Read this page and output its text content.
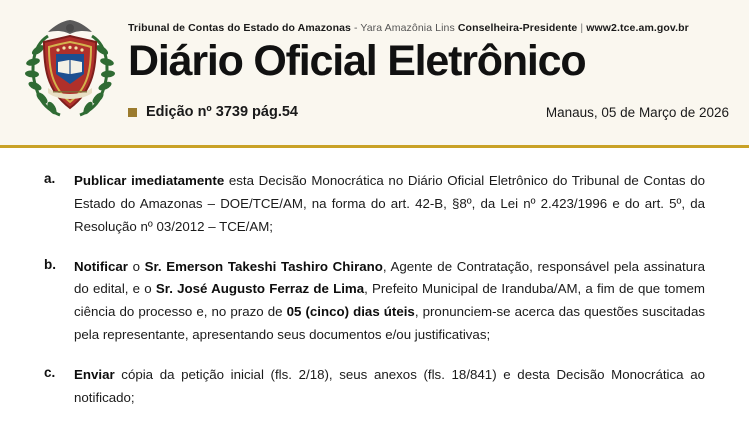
Tribunal de Contas do Estado do Amazonas - Yara Amazônia Lins Conselheira-Presidente | www2.tce.am.gov.br
Diário Oficial Eletrônico
Edição nº 3739 pág.54	Manaus, 05 de Março de 2026
a.	Publicar imediatamente esta Decisão Monocrática no Diário Oficial Eletrônico do Tribunal de Contas do Estado do Amazonas – DOE/TCE/AM, na forma do art. 42-B, §8º, da Lei nº 2.423/1996 e do art. 5º, da Resolução nº 03/2012 – TCE/AM;
b.	Notificar o Sr. Emerson Takeshi Tashiro Chirano, Agente de Contratação, responsável pela assinatura do edital, e o Sr. José Augusto Ferraz de Lima, Prefeito Municipal de Iranduba/AM, a fim de que tomem ciência do processo e, no prazo de 05 (cinco) dias úteis, pronunciem-se acerca das questões suscitadas pela representante, apresentando seus documentos e/ou justificativas;
c.	Enviar cópia da petição inicial (fls. 2/18), seus anexos (fls. 18/841) e desta Decisão Monocrática ao notificado;
